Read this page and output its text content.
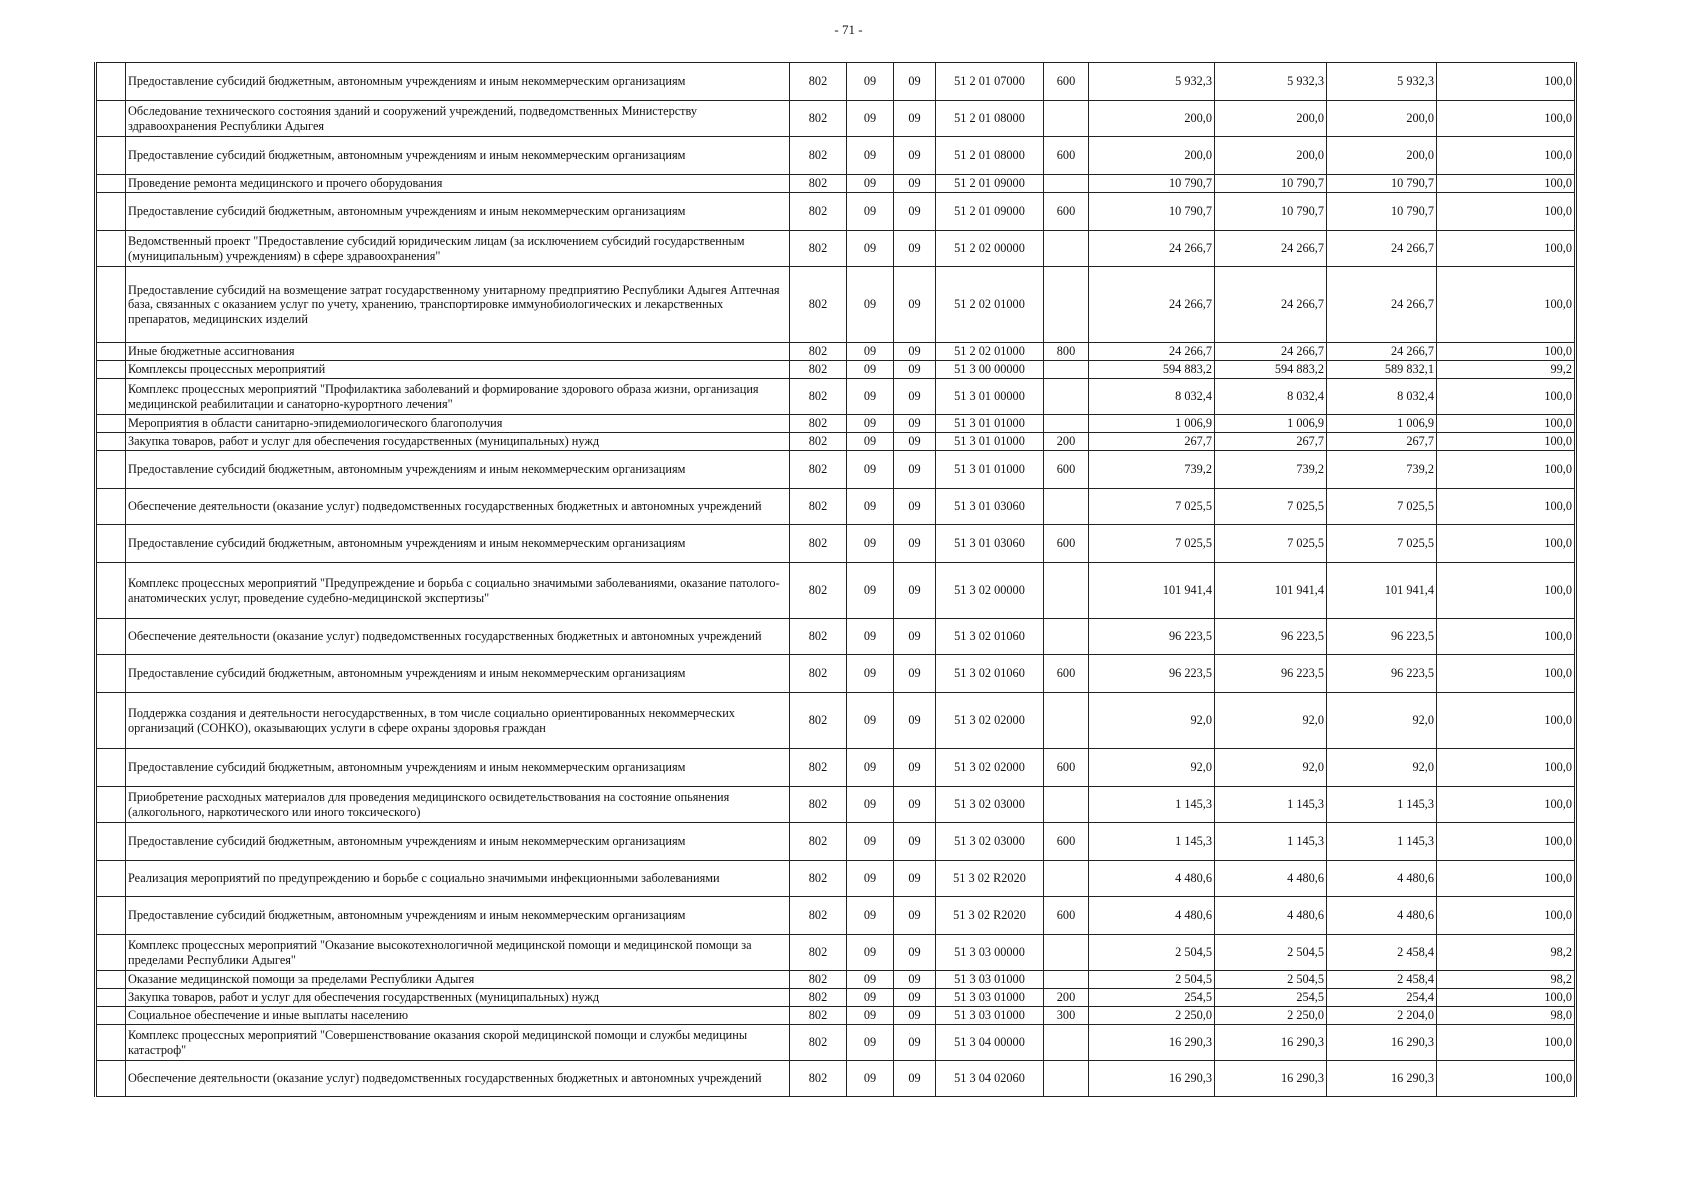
- 71 -
	Предоставление субсидий бюджетным, автономным учреждениям и иным некоммерческим организациям	802	09	09	51 2 01 07000	600	5 932,3	5 932,3	5 932,3	100,0
	Обследование технического состояния зданий и сооружений учреждений, подведомственных Министерству здравоохранения Республики Адыгея	802	09	09	51 2 01 08000		200,0	200,0	200,0	100,0
	Предоставление субсидий бюджетным, автономным учреждениям и иным некоммерческим организациям	802	09	09	51 2 01 08000	600	200,0	200,0	200,0	100,0
	Проведение ремонта медицинского и прочего оборудования	802	09	09	51 2 01 09000		10 790,7	10 790,7	10 790,7	100,0
	Предоставление субсидий бюджетным, автономным учреждениям и иным некоммерческим организациям	802	09	09	51 2 01 09000	600	10 790,7	10 790,7	10 790,7	100,0
	Ведомственный проект "Предоставление субсидий юридическим лицам (за исключением субсидий государственным (муниципальным) учреждениям) в сфере здравоохранения"	802	09	09	51 2 02 00000		24 266,7	24 266,7	24 266,7	100,0
	Предоставление субсидий на возмещение затрат государственному унитарному предприятию Республики Адыгея Аптечная база, связанных с оказанием услуг по учету, хранению, транспортировке иммунобиологических и лекарственных препаратов, медицинских изделий	802	09	09	51 2 02 01000		24 266,7	24 266,7	24 266,7	100,0
	Иные бюджетные ассигнования	802	09	09	51 2 02 01000	800	24 266,7	24 266,7	24 266,7	100,0
	Комплексы процессных мероприятий	802	09	09	51 3 00 00000		594 883,2	594 883,2	589 832,1	99,2
	Комплекс процессных мероприятий "Профилактика заболеваний и формирование здорового образа жизни, организация медицинской реабилитации и санаторно-курортного лечения"	802	09	09	51 3 01 00000		8 032,4	8 032,4	8 032,4	100,0
	Мероприятия в области санитарно-эпидемиологического благополучия	802	09	09	51 3 01 01000		1 006,9	1 006,9	1 006,9	100,0
	Закупка товаров, работ и услуг для обеспечения государственных (муниципальных) нужд	802	09	09	51 3 01 01000	200	267,7	267,7	267,7	100,0
	Предоставление субсидий бюджетным, автономным учреждениям и иным некоммерческим организациям	802	09	09	51 3 01 01000	600	739,2	739,2	739,2	100,0
	Обеспечение деятельности (оказание услуг) подведомственных государственных бюджетных и автономных учреждений	802	09	09	51 3 01 03060		7 025,5	7 025,5	7 025,5	100,0
	Предоставление субсидий бюджетным, автономным учреждениям и иным некоммерческим организациям	802	09	09	51 3 01 03060	600	7 025,5	7 025,5	7 025,5	100,0
	Комплекс процессных мероприятий "Предупреждение и борьба с социально значимыми заболеваниями, оказание патолого-анатомических услуг, проведение судебно-медицинской экспертизы"	802	09	09	51 3 02 00000		101 941,4	101 941,4	101 941,4	100,0
	Обеспечение деятельности (оказание услуг) подведомственных государственных бюджетных и автономных учреждений	802	09	09	51 3 02 01060		96 223,5	96 223,5	96 223,5	100,0
	Предоставление субсидий бюджетным, автономным учреждениям и иным некоммерческим организациям	802	09	09	51 3 02 01060	600	96 223,5	96 223,5	96 223,5	100,0
	Поддержка создания и деятельности негосударственных, в том числе социально ориентированных некоммерческих организаций (СОНКО), оказывающих услуги в сфере охраны здоровья граждан	802	09	09	51 3 02 02000		92,0	92,0	92,0	100,0
	Предоставление субсидий бюджетным, автономным учреждениям и иным некоммерческим организациям	802	09	09	51 3 02 02000	600	92,0	92,0	92,0	100,0
	Приобретение расходных материалов для проведения медицинского освидетельствования на состояние опьянения (алкогольного, наркотического или иного токсического)	802	09	09	51 3 02 03000		1 145,3	1 145,3	1 145,3	100,0
	Предоставление субсидий бюджетным, автономным учреждениям и иным некоммерческим организациям	802	09	09	51 3 02 03000	600	1 145,3	1 145,3	1 145,3	100,0
	Реализация мероприятий по предупреждению и борьбе с социально значимыми инфекционными заболеваниями	802	09	09	51 3 02 R2020		4 480,6	4 480,6	4 480,6	100,0
	Предоставление субсидий бюджетным, автономным учреждениям и иным некоммерческим организациям	802	09	09	51 3 02 R2020	600	4 480,6	4 480,6	4 480,6	100,0
	Комплекс процессных мероприятий "Оказание высокотехнологичной медицинской помощи и медицинской помощи за пределами Республики Адыгея"	802	09	09	51 3 03 00000		2 504,5	2 504,5	2 458,4	98,2
	Оказание медицинской помощи за пределами Республики Адыгея	802	09	09	51 3 03 01000		2 504,5	2 504,5	2 458,4	98,2
	Закупка товаров, работ и услуг для обеспечения государственных (муниципальных) нужд	802	09	09	51 3 03 01000	200	254,5	254,5	254,4	100,0
	Социальное обеспечение и иные выплаты населению	802	09	09	51 3 03 01000	300	2 250,0	2 250,0	2 204,0	98,0
	Комплекс процессных мероприятий "Совершенствование оказания скорой медицинской помощи и службы медицины катастроф"	802	09	09	51 3 04 00000		16 290,3	16 290,3	16 290,3	100,0
	Обеспечение деятельности (оказание услуг) подведомственных государственных бюджетных и автономных учреждений	802	09	09	51 3 04 02060		16 290,3	16 290,3	16 290,3	100,0
